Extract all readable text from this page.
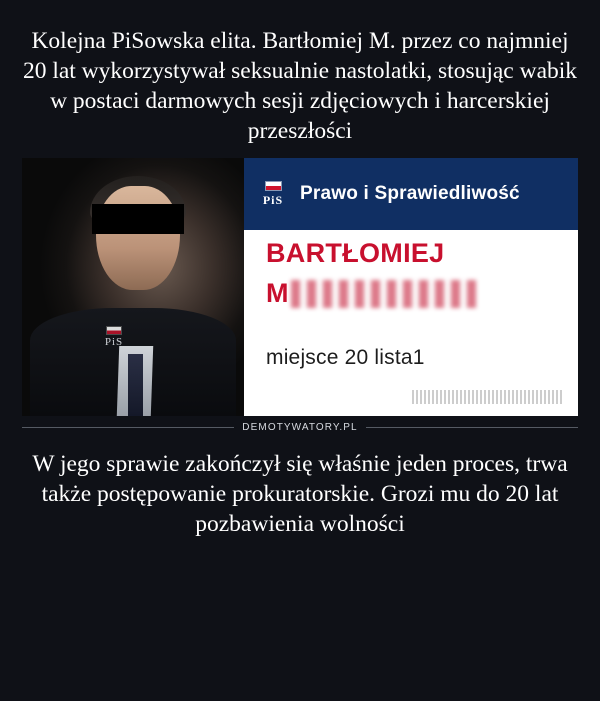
Kolejna PiSowska elita. Bartłomiej M. przez co najmniej 20 lat wykorzystywał seksualnie nastolatki, stosując wabik w postaci darmowych sesji zdjęciowych i harcerskiej przeszłości
PiS
PiS Prawo i Sprawiedliwość
BARTŁOMIEJ
M
miejsce 20 lista1
DEMOTYWATORY.PL
W jego sprawie zakończył się właśnie jeden proces, trwa także postępowanie prokuratorskie. Grozi mu do 20 lat pozbawienia wolności
